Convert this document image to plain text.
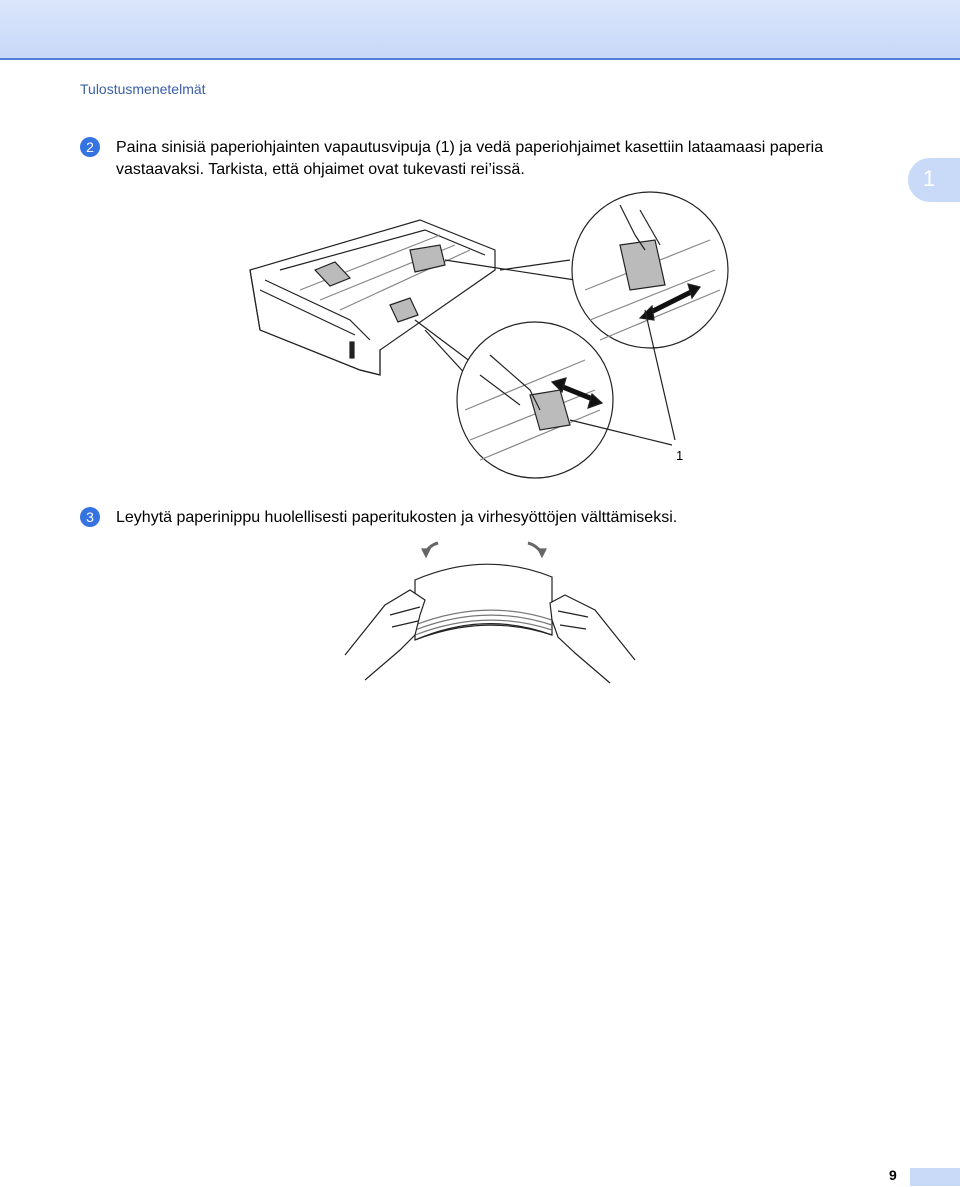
Tulostusmenetelmät
1
2	Paina sinisiä paperiohjainten vapautusvipuja (1) ja vedä paperiohjaimet kasettiin lataamaasi paperia vastaavaksi. Tarkista, että ohjaimet ovat tukevasti rei’issä.
1
3	Leyhytä paperinippu huolellisesti paperitukosten ja virhesyöttöjen välttämiseksi.
9
